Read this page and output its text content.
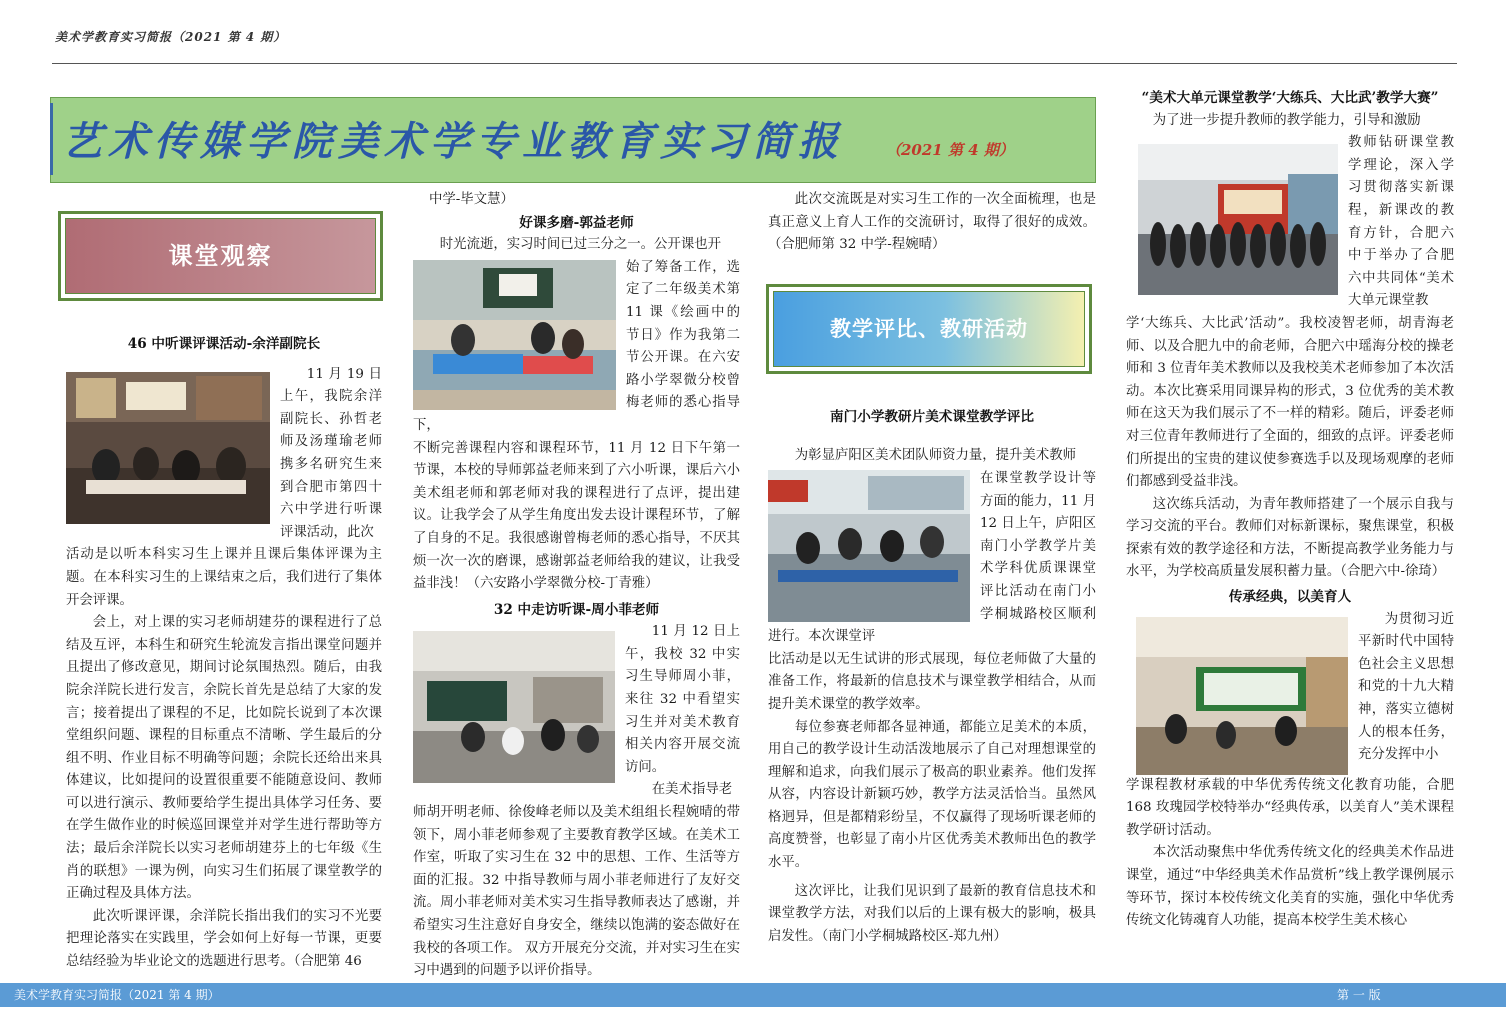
美术学教育实习简报（2021 第 4 期）
艺术传媒学院美术学专业教育实习简报	（2021 第 4 期）
课堂观察
教学评比、教研活动
46 中听课评课活动-余洋副院长

11 月 19 日上午，我院余洋副院长、孙哲老师及汤瑾瑜老师携多名研究生来到合肥市第四十六中学进行听课评课活动，此次

活动是以听本科实习生上课并且课后集体评课为主题。在本科实习生的上课结束之后，我们进行了集体开会评课。

会上，对上课的实习老师胡建芬的课程进行了总结及互评，本科生和研究生轮流发言指出课堂问题并且提出了修改意见，期间讨论氛围热烈。随后，由我院余洋院长进行发言，余院长首先是总结了大家的发言；接着提出了课程的不足，比如院长说到了本次课堂组织问题、课程的目标重点不清晰、学生最后的分组不明、作业目标不明确等问题；余院长还给出来具体建议，比如提问的设置很重要不能随意设问、教师可以进行演示、教师要给学生提出具体学习任务、要在学生做作业的时候巡回课堂并对学生进行帮助等方法；最后余洋院长以实习老师胡建芬上的七年级《生肖的联想》一课为例，向实习生们拓展了课堂教学的正确过程及具体方法。

此次听课评课，余洋院长指出我们的实习不光要把理论落实在实践里，学会如何上好每一节课，更要总结经验为毕业论文的选题进行思考。（合肥第 46

中学-毕文慧）
好课多磨-郭益老师

时光流逝，实习时间已过三分之一。公开课也开

始了筹备工作，选定了二年级美术第 11 课《绘画中的节日》作为我第二节公开课。在六安路小学翠微分校曾梅老师的悉心指导下，

不断完善课程内容和课程环节，11 月 12 日下午第一节课，本校的导师郭益老师来到了六小听课，课后六小美术组老师和郭老师对我的课程进行了点评，提出建议。让我学会了从学生角度出发去设计课程环节，了解了自身的不足。我很感谢曾梅老师的悉心指导，不厌其烦一次一次的磨课，感谢郭益老师给我的建议，让我受益非浅！（六安路小学翠微分校-丁青雅）

32 中走访听课-周小菲老师

11 月 12 日上午，我校 32 中实习生导师周小菲，来往 32 中看望实习生并对美术教育相关内容开展交流访问。

在美术指导老

师胡开明老师、徐俊峰老师以及美术组组长程婉晴的带领下，周小菲老师参观了主要教育教学区域。在美术工作室，听取了实习生在 32 中的思想、工作、生活等方面的汇报。32 中指导教师与周小菲老师进行了友好交流。周小菲老师对美术实习生指导教师表达了感谢，并希望实习生注意好自身安全，继续以饱满的姿态做好在我校的各项工作。 双方开展充分交流，并对实习生在实习中遇到的问题予以评价指导。

此次交流既是对实习生工作的一次全面梳理，也是真正意义上育人工作的交流研讨，取得了很好的成效。（合肥师第 32 中学-程婉晴）

南门小学教研片美术课堂教学评比

为彰显庐阳区美术团队师资力量，提升美术教师

在课堂教学设计等方面的能力，11 月 12 日上午，庐阳区南门小学教学片美术学科优质课课堂评比活动在南门小学桐城路校区顺利进行。本次课堂评

比活动是以无生试讲的形式展现，每位老师做了大量的准备工作，将最新的信息技术与课堂教学相结合，从而提升美术课堂的教学效率。

每位参赛老师都各显神通，都能立足美术的本质，用自己的教学设计生动活泼地展示了自己对理想课堂的理解和追求，向我们展示了极高的职业素养。他们发挥从容，内容设计新颖巧妙，教学方法灵活恰当。虽然风格迥异，但是都精彩纷呈，不仅赢得了现场听课老师的高度赞誉，也彰显了南小片区优秀美术教师出色的教学水平。

这次评比，让我们见识到了最新的教育信息技术和课堂教学方法，对我们以后的上课有极大的影响，极具启发性。（南门小学桐城路校区-郑九州）

“美术大单元课堂教学‘大练兵、大比武’教学大赛”

为了进一步提升教师的教学能力，引导和激励

教师钻研课堂教学理论，深入学习贯彻落实新课程，新课改的教育方针，合肥六中于举办了合肥六中共同体“美术大单元课堂教

学‘大练兵、大比武’活动”。我校凌智老师，胡青海老师、以及合肥九中的俞老师，合肥六中瑶海分校的操老师和 3 位青年美术教师以及我校美术老师参加了本次活动。本次比赛采用同课异构的形式，3 位优秀的美术教师在这天为我们展示了不一样的精彩。随后，评委老师对三位青年教师进行了全面的，细致的点评。评委老师们所提出的宝贵的建议使参赛选手以及现场观摩的老师们都感到受益非浅。

这次练兵活动，为青年教师搭建了一个展示自我与学习交流的平台。教师们对标新课标，聚焦课堂，积极探索有效的教学途径和方法，不断提高教学业务能力与水平，为学校高质量发展积蓄力量。（合肥六中-徐琦）

传承经典，以美育人

为贯彻习近平新时代中国特色社会主义思想和党的十九大精神，落实立德树人的根本任务，充分发挥中小

学课程教材承载的中华优秀传统文化教育功能，合肥 168 玫瑰园学校特举办“经典传承，以美育人”美术课程教学研讨活动。

本次活动聚焦中华优秀传统文化的经典美术作品进课堂，通过“中华经典美术作品赏析”线上教学课例展示等环节，探讨本校传统文化美育的实施，强化中华优秀传统文化铸魂育人功能，提高本校学生美术核心

美术学教育实习简报（2021 第 4 期）	第 一 版
